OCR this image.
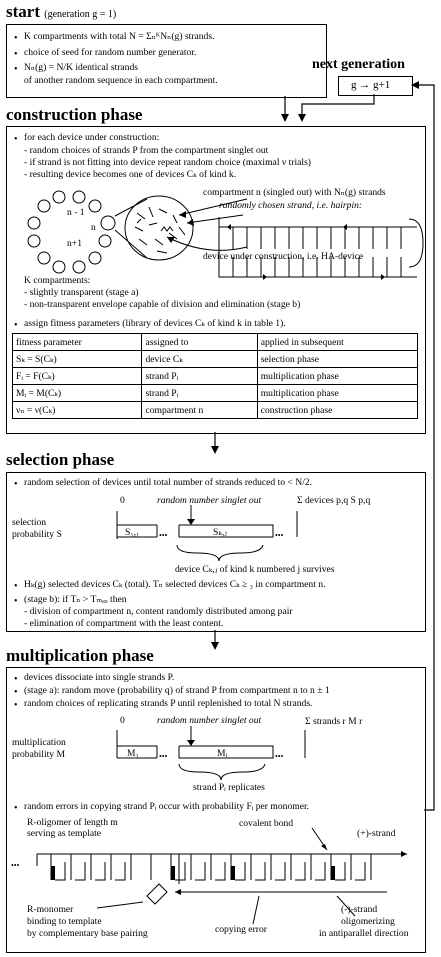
start (generation g = 1)
• K compartments with total N = ΣₙᴷNₙ(g) strands.
• choice of seed for random number generator.
• Nₙ(g) = N/K identical strands
of another random sequence in each compartment.
next generation
g → g+1
construction phase
• for each device under construction:
- random choices of strands P from the compartment singlet out
- if strand is not fitting into device repeat random choice (maximal ν trials)
- resulting device becomes one of devices Cₖ of kind k.
n - 1
n
n+1
compartment n (singled out) with Nₙ(g) strands
randomly chosen strand, i.e. hairpin:
device under construction, i.e. HA-device
K compartments:
- slightly transparent (stage a)
- non-transparent envelope capable of division and elimination (stage b)
• assign fitness parameters (library of devices Cₖ of kind k in table 1).
fitness parameter	assigned to	applied in subsequent
Sₖ = S(Cₖ)	device Cₖ	selection phase
Fᵢ = F(Cₖ)	strand Pᵢ	multiplication phase
Mᵢ = M(Cₖ)	strand Pᵢ	multiplication phase
νₙ = ν(Cₖ)	compartment n	construction phase
selection phase
• random selection of devices until total number of strands reduced to < N/2.
0	random number singlet out	Σ devices p,q S p,q
selection
probability S	S₁,₁ •••	Sₖ,ⱼ	•••
device Cₖ,ⱼ of kind k numbered j survives
• Hₖ(g) selected devices Cₖ (total). Tₙ selected devices Cₖ ≥ ₃ in compartment n.
• (stage b): if Tₙ > Tₘₐₓ then
- division of compartment n, content randomly distributed among pair
- elimination of compartment with the least content.
multiplication phase
• devices dissociate into single strands P.
• (stage a): random move (probability q) of strand P from compartment n to n ± 1
• random choices of replicating strands P until replenished to total N strands.
0	random number singlet out	Σ strands r M r
multiplication
probability M	M₁	•••	Mᵢ	•••
strand Pᵢ replicates
• random errors in copying strand Pᵢ occur with probability Fᵢ per monomer.
R-oligomer of length m
serving as template
covalent bond
(+)-strand
•••
R-monomer
binding to template
by complementary base pairing	copying error
(-)-strand
oligomerizing
in antiparallel direction
